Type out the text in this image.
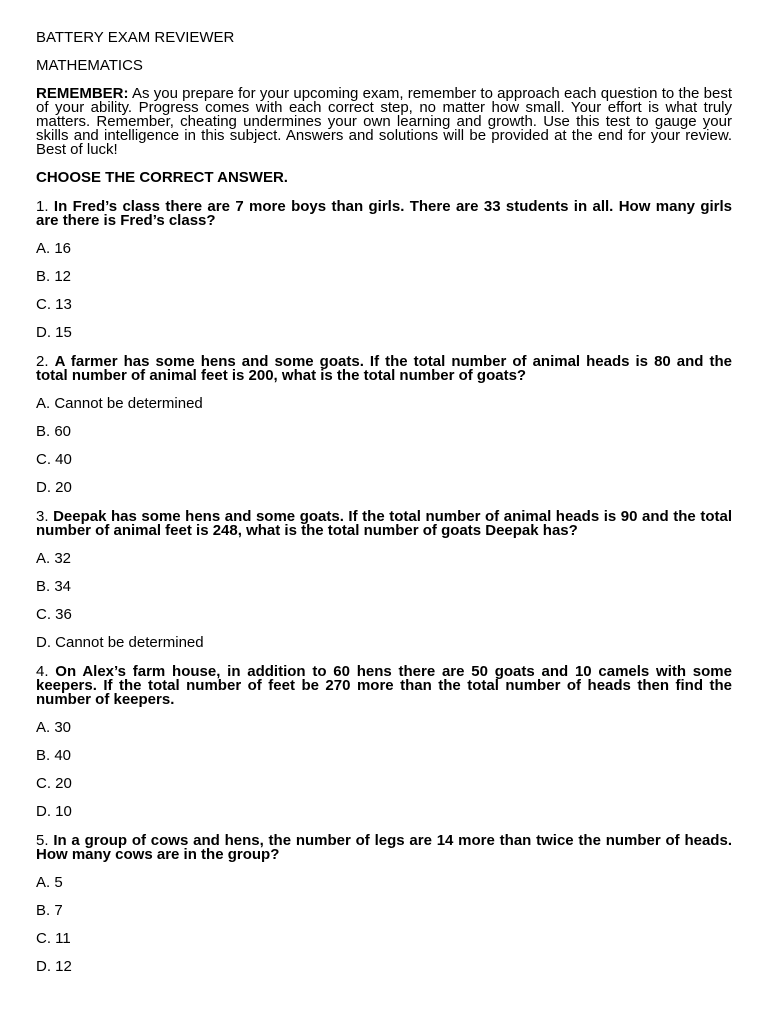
BATTERY EXAM REVIEWER

MATHEMATICS

REMEMBER: As you prepare for your upcoming exam, remember to approach each question to the best of your ability. Progress comes with each correct step, no matter how small. Your effort is what truly matters. Remember, cheating undermines your own learning and growth. Use this test to gauge your skills and intelligence in this subject. Answers and solutions will be provided at the end for your review. Best of luck!

CHOOSE THE CORRECT ANSWER.

1. In Fred’s class there are 7 more boys than girls. There are 33 students in all. How many girls are there is Fred’s class?

A. 16

B. 12

C. 13

D. 15

2. A farmer has some hens and some goats. If the total number of animal heads is 80 and the total number of animal feet is 200, what is the total number of goats?

A. Cannot be determined

B. 60

C. 40

D. 20

3. Deepak has some hens and some goats. If the total number of animal heads is 90 and the total number of animal feet is 248, what is the total number of goats Deepak has?

A. 32

B. 34

C. 36

D. Cannot be determined

4. On Alex’s farm house, in addition to 60 hens there are 50 goats and 10 camels with some keepers. If the total number of feet be 270 more than the total number of heads then find the number of keepers.

A. 30

B. 40

C. 20

D. 10

5. In a group of cows and hens, the number of legs are 14 more than twice the number of heads. How many cows are in the group?

A. 5

B. 7

C. 11

D. 12
